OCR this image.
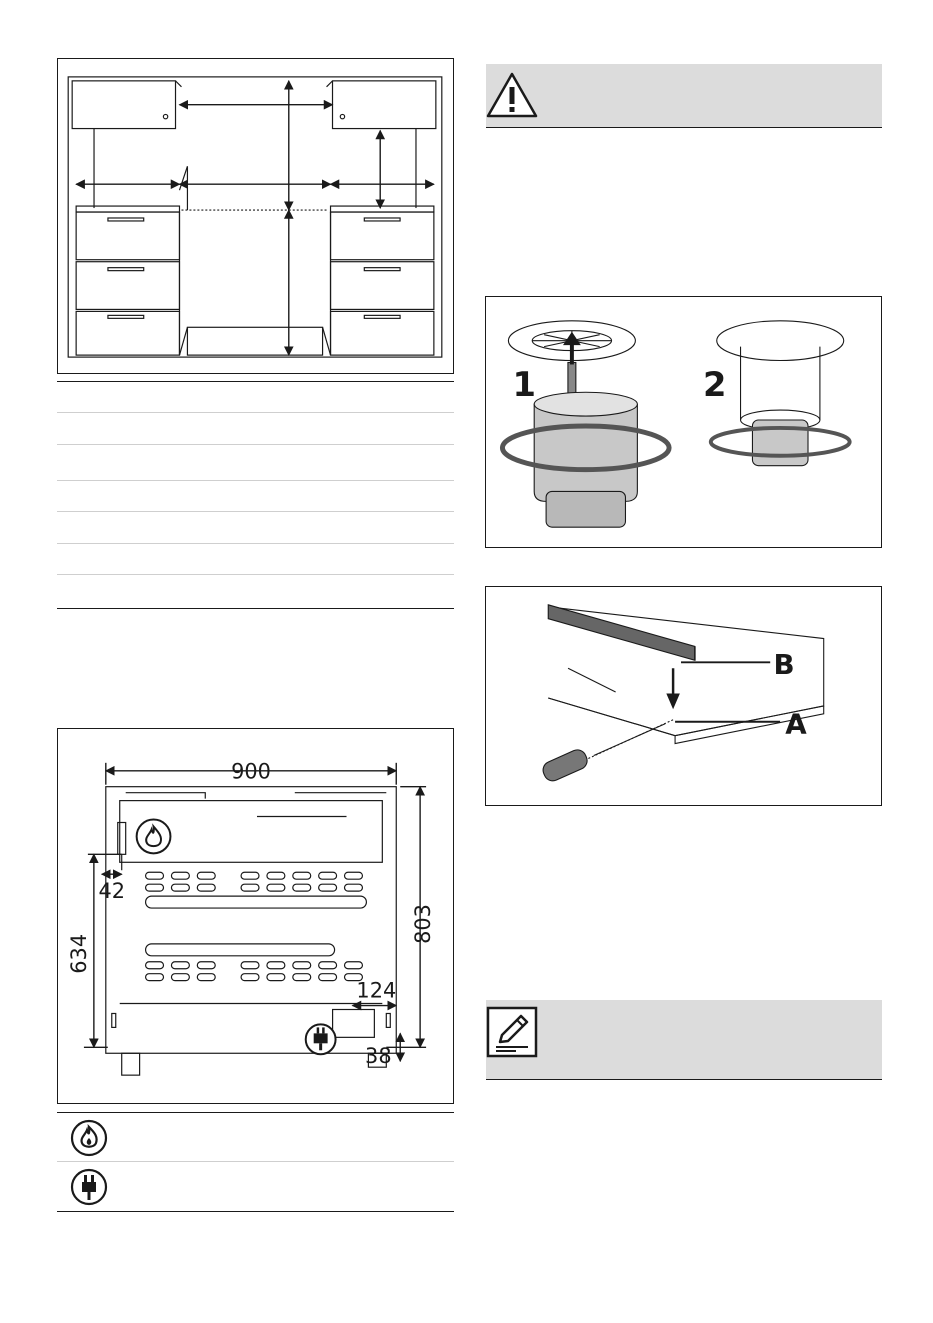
900
803
42
634
124
38
1	2
B
A
